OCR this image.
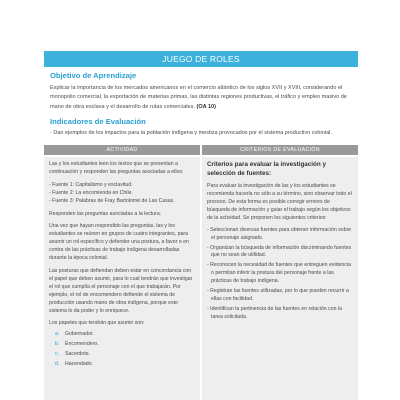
JUEGO DE ROLES
Objetivo de Aprendizaje
Explicar la importancia de los mercados americanos en el comercio atlántico de los siglos XVII y XVIII, considerando el monopolio comercial, la exportación de materias primas, las distintas regiones productivas, el tráfico y empleo masivo de mano de obra esclava y el desarrollo de rutas comerciales. (OA 10)
Indicadores de Evaluación
- Dan ejemplos de los impactos para la población indígena y mestiza provocados por el sistema productivo colonial.
ACTIVIDAD	CRITERIOS DE EVALUACIÓN

Las y los estudiantes leen los textos que se presentan a continuación y responden las preguntas asociadas a ellos:

- Fuente 1: Capitalismo y esclavitud.
- Fuente 2: La encomienda en Chile.
- Fuente 3: Palabras de Fray Bartolomé de Las Casas.

Responden las preguntas asociadas a la lectura.

Una vez que hayan respondido las preguntas, las y los estudiantes se reúnen en grupos de cuatro integrantes, para asumir un rol específico y defender una postura, a favor o en contra de las prácticas de trabajo indígena desarrolladas durante la época colonial.

Las posturas que defiendan deben estar en concordancia con el papel que deben asumir, para lo cual tendrán que investigar el rol que cumplía el personaje con el que trabajarán. Por ejemplo, el rol de encomendero defiende el sistema de producción usando mano de obra indígena, porque este sistema lo da poder y lo enriquece.

Los papeles que tendrán que asumir son:

a.	Gobernador.
b.	Encomendero.
c.	Sacerdote.
d.	Hacendado.
Criterios para evaluar la investigación y selección de fuentes:

Para evaluar la investigación de las y los estudiantes se recomienda hacerla no sólo a su término, sino observar todo el proceso. De esta forma es posible corregir errores de búsqueda de información y guiar el trabajo según los objetivos de la actividad. Se proponen los siguientes criterios:

- Seleccionan diversas fuentes para obtener información sobre el personaje asignado.
- Organizan la búsqueda de información discriminando fuentes que no sean de utilidad.
- Reconocen la necesidad de fuentes que entreguen evidencia o permitan inferir la postura del personaje frente a las prácticas de trabajo indígena.
- Registran las fuentes utilizadas, por lo que pueden recurrir a ellas con facilidad.
- Identifican la pertinencia de las fuentes en relación con la tarea solicitada.
